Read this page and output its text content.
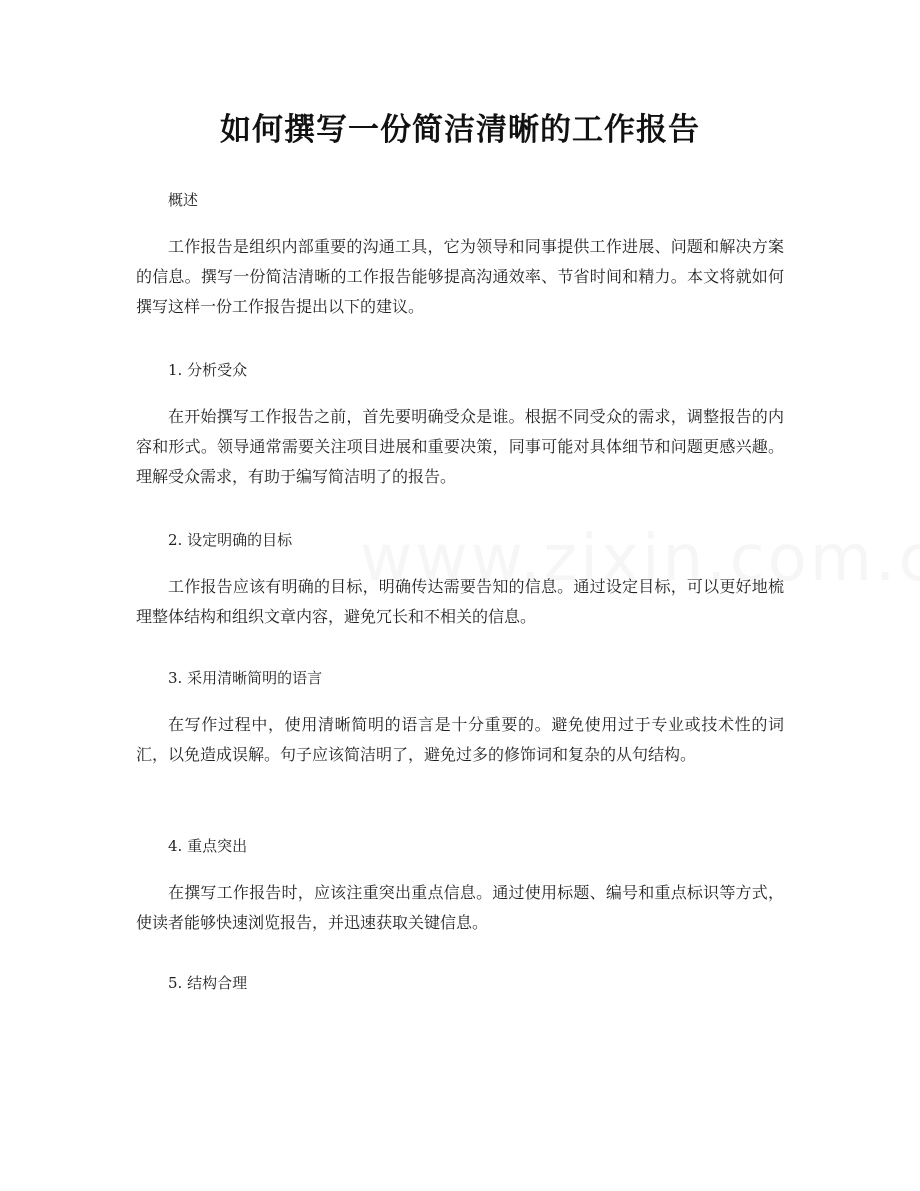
如何撰写一份简洁清晰的工作报告
概述
工作报告是组织内部重要的沟通工具，它为领导和同事提供工作进展、问题和解决方案的信息。撰写一份简洁清晰的工作报告能够提高沟通效率、节省时间和精力。本文将就如何撰写这样一份工作报告提出以下的建议。
1. 分析受众
在开始撰写工作报告之前，首先要明确受众是谁。根据不同受众的需求，调整报告的内容和形式。领导通常需要关注项目进展和重要决策，同事可能对具体细节和问题更感兴趣。理解受众需求，有助于编写简洁明了的报告。
2. 设定明确的目标
工作报告应该有明确的目标，明确传达需要告知的信息。通过设定目标，可以更好地梳理整体结构和组织文章内容，避免冗长和不相关的信息。
3. 采用清晰简明的语言
在写作过程中，使用清晰简明的语言是十分重要的。避免使用过于专业或技术性的词汇，以免造成误解。句子应该简洁明了，避免过多的修饰词和复杂的从句结构。
4. 重点突出
在撰写工作报告时，应该注重突出重点信息。通过使用标题、编号和重点标识等方式，使读者能够快速浏览报告，并迅速获取关键信息。
5. 结构合理
